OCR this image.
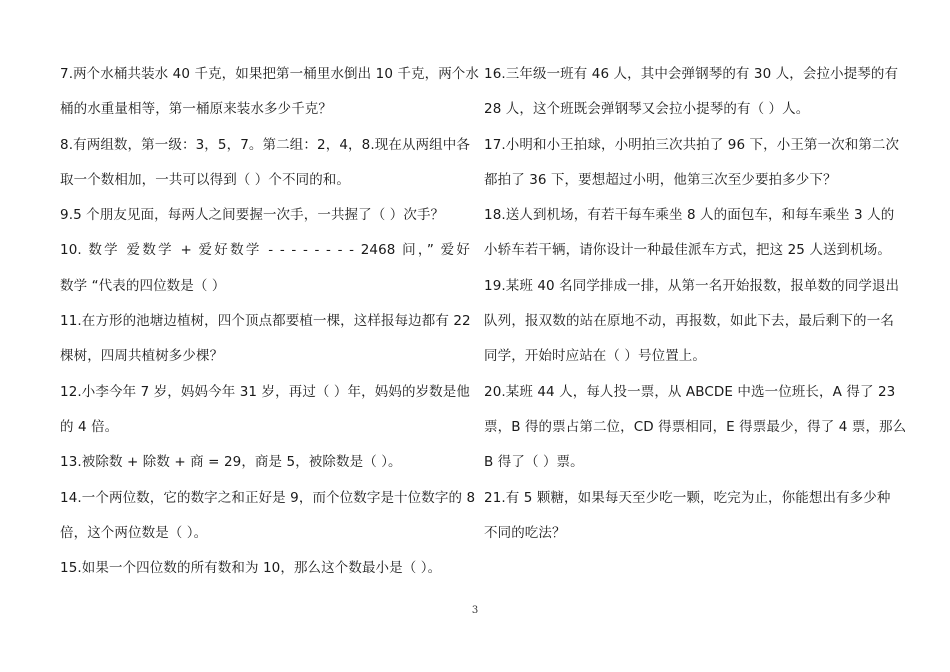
7.两个水桶共装水 40 千克，如果把第一桶里水倒出 10 千克，两个水
桶的水重量相等，第一桶原来装水多少千克？
8.有两组数，第一级：3，5，7。第二组：2，4，8.现在从两组中各
取一个数相加，一共可以得到（ ）个不同的和。
9.5 个朋友见面，每两人之间要握一次手，一共握了（ ）次手？
10. 数学 爱数学 + 爱好数学 - - - - - - - - 2468 问，” 爱好
数学 “代表的四位数是（ ）
11.在方形的池塘边植树，四个顶点都要植一棵，这样报每边都有 22
棵树，四周共植树多少棵？
12.小李今年 7 岁，妈妈今年 31 岁，再过（ ）年，妈妈的岁数是他
的 4 倍。
13.被除数 + 除数 + 商 = 29，商是 5，被除数是（ ）。
14.一个两位数，它的数字之和正好是 9，而个位数字是十位数字的 8
倍，这个两位数是（ ）。
15.如果一个四位数的所有数和为 10，那么这个数最小是（ ）。
16.三年级一班有 46 人，其中会弹钢琴的有 30 人，会拉小提琴的有
28 人，这个班既会弹钢琴又会拉小提琴的有（ ）人。
17.小明和小王拍球，小明拍三次共拍了 96 下，小王第一次和第二次
都拍了 36 下，要想超过小明，他第三次至少要拍多少下？
18.送人到机场，有若干每车乘坐 8 人的面包车，和每车乘坐 3 人的
小轿车若干辆，请你设计一种最佳派车方式，把这 25 人送到机场。
19.某班 40 名同学排成一排，从第一名开始报数，报单数的同学退出
队列，报双数的站在原地不动，再报数，如此下去，最后剩下的一名
同学，开始时应站在（ ）号位置上。
20.某班 44 人，每人投一票，从 ABCDE 中选一位班长，A 得了 23
票，B 得的票占第二位，CD 得票相同，E 得票最少，得了 4 票，那么
B 得了（ ）票。
21.有 5 颗糖，如果每天至少吃一颗，吃完为止，你能想出有多少种
不同的吃法？
3
